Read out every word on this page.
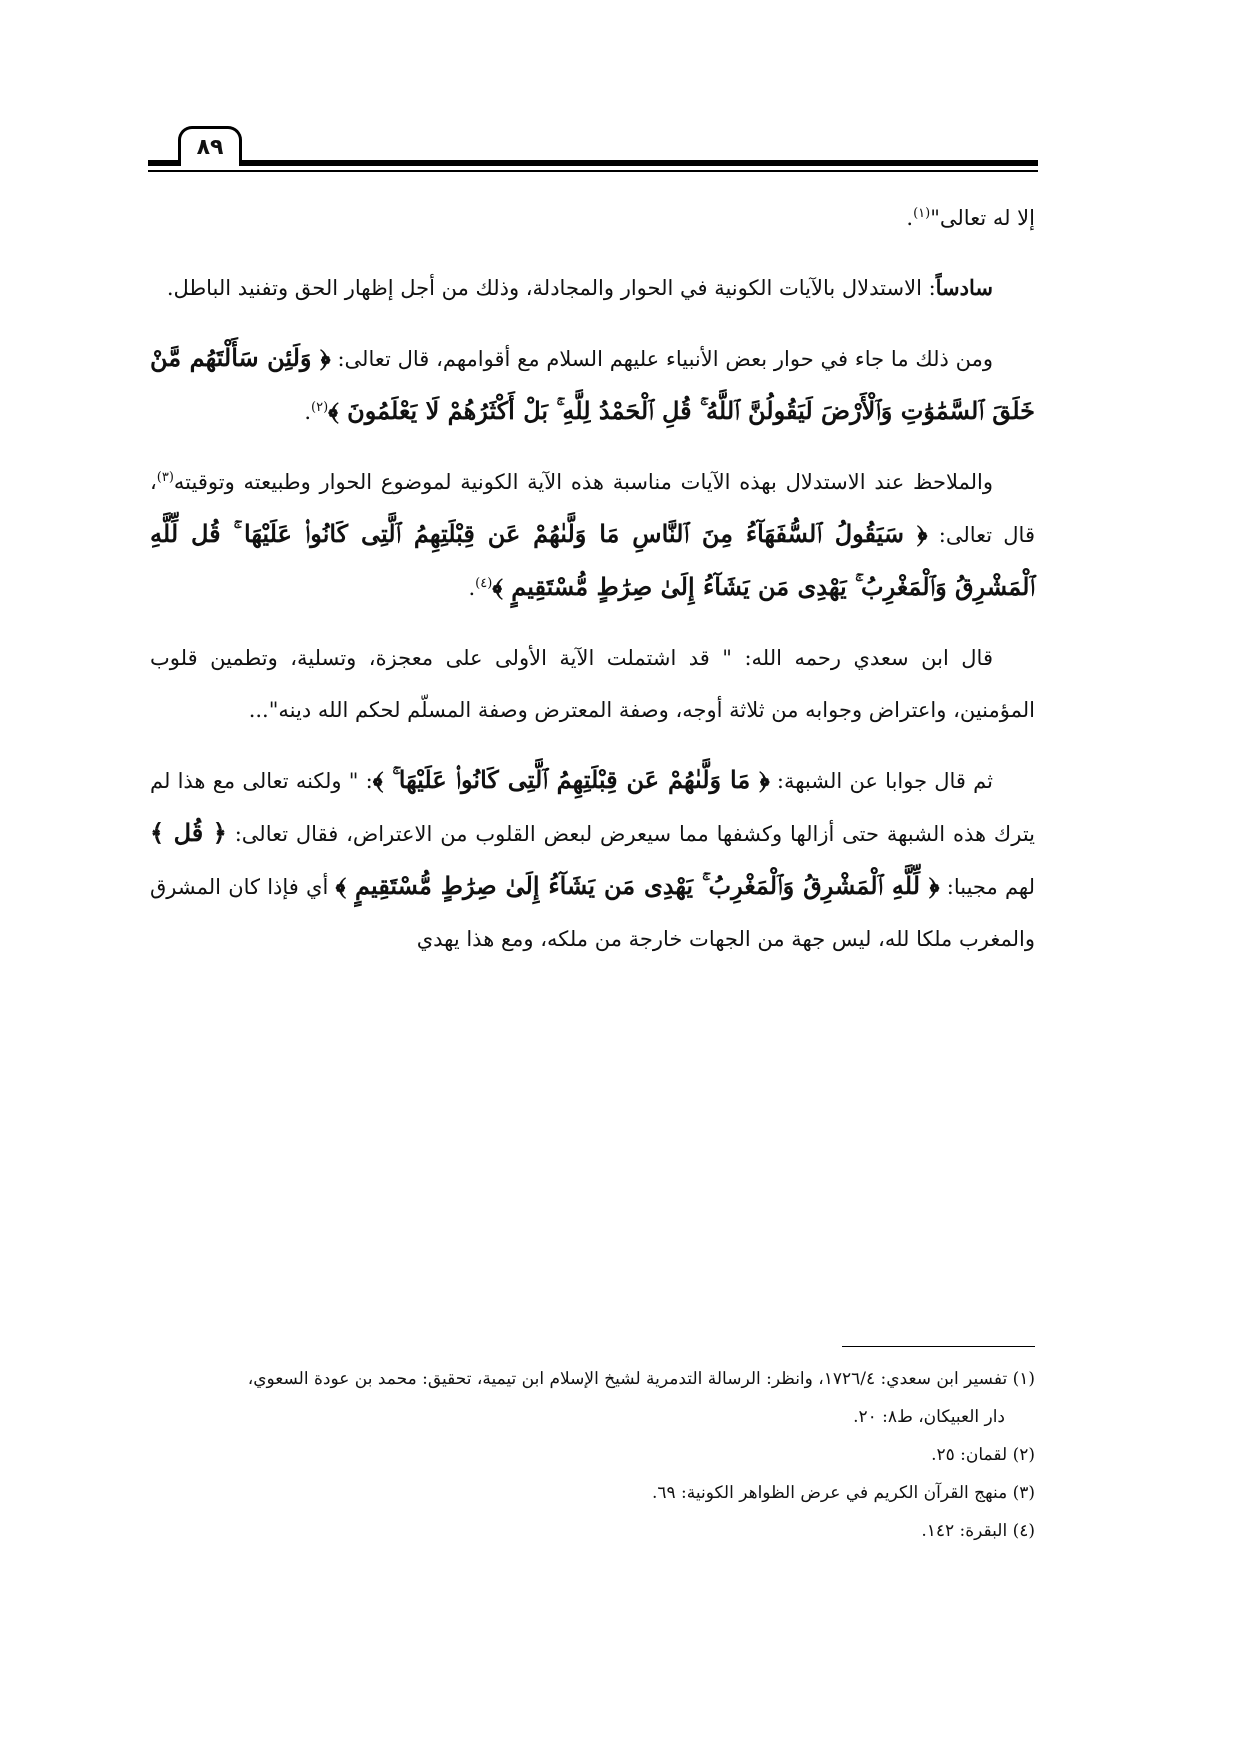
٨٩

إلا له تعالى"$^{(١)}$.

سادساً: الاستدلال بالآيات الكونية في الحوار والمجادلة، وذلك من أجل إظهار الحق وتفنيد الباطل.

ومن ذلك ما جاء في حوار بعض الأنبياء عليهم السلام مع أقوامهم، قال تعالى: ﴿ وَلَئِن سَأَلْتَهُم مَّنْ خَلَقَ ٱلسَّمَٰوَٰتِ وَٱلْأَرْضَ لَيَقُولُنَّ ٱللَّهُ ۚ قُلِ ٱلْحَمْدُ لِلَّهِ ۚ بَلْ أَكْثَرُهُمْ لَا يَعْلَمُونَ ﴾$^{(٢)}$.

والملاحظ عند الاستدلال بهذه الآيات مناسبة هذه الآية الكونية لموضوع الحوار وطبيعته وتوقيته$^{(٣)}$، قال تعالى: ﴿ سَيَقُولُ ٱلسُّفَهَآءُ مِنَ ٱلنَّاسِ مَا وَلَّىٰهُمْ عَن قِبْلَتِهِمُ ٱلَّتِى كَانُوا۟ عَلَيْهَا ۚ قُل لِّلَّهِ ٱلْمَشْرِقُ وَٱلْمَغْرِبُ ۚ يَهْدِى مَن يَشَآءُ إِلَىٰ صِرَٰطٍ مُّسْتَقِيمٍ ﴾$^{(٤)}$.

قال ابن سعدي رحمه الله: " قد اشتملت الآية الأولى على معجزة، وتسلية، وتطمين قلوب المؤمنين، واعتراض وجوابه من ثلاثة أوجه، وصفة المعترض وصفة المسلّم لحكم الله دينه"...

ثم قال جوابا عن الشبهة: ﴿ مَا وَلَّىٰهُمْ عَن قِبْلَتِهِمُ ٱلَّتِى كَانُوا۟ عَلَيْهَا ۚ ﴾: " ولكنه تعالى مع هذا لم يترك هذه الشبهة حتى أزالها وكشفها مما سيعرض لبعض القلوب من الاعتراض، فقال تعالى: ﴿ قُل ﴾ لهم مجيبا: ﴿ لِّلَّهِ ٱلْمَشْرِقُ وَٱلْمَغْرِبُ ۚ يَهْدِى مَن يَشَآءُ إِلَىٰ صِرَٰطٍ مُّسْتَقِيمٍ ﴾ أي فإذا كان المشرق والمغرب ملكا لله، ليس جهة من الجهات خارجة من ملكه، ومع هذا يهدي

(١) تفسير ابن سعدي: ١٧٢٦/٤، وانظر: الرسالة التدمرية لشيخ الإسلام ابن تيمية، تحقيق: محمد بن عودة السعوي،

دار العبيكان، ط٨: ٢٠.

(٢) لقمان: ٢٥.

(٣) منهج القرآن الكريم في عرض الظواهر الكونية: ٦٩.

(٤) البقرة: ١٤٢.
